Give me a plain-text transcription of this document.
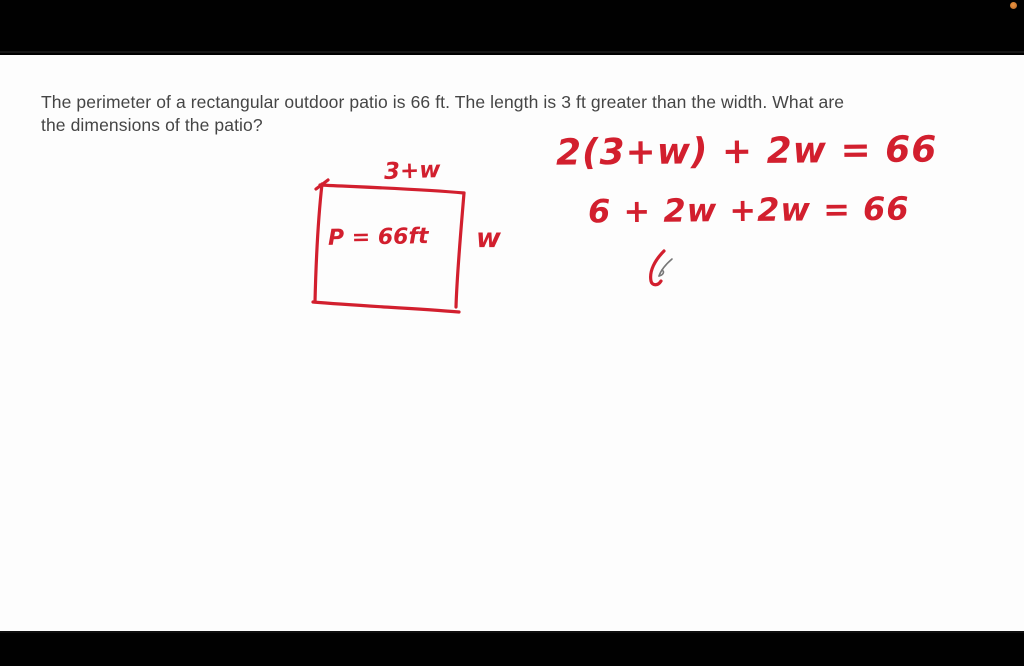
The perimeter of a rectangular outdoor patio is 66 ft. The length is 3 ft greater than the width. What are
the dimensions of the patio?
3+w
P = 66ft w
2(3+w) + 2w = 66
6 + 2w +2w = 66
